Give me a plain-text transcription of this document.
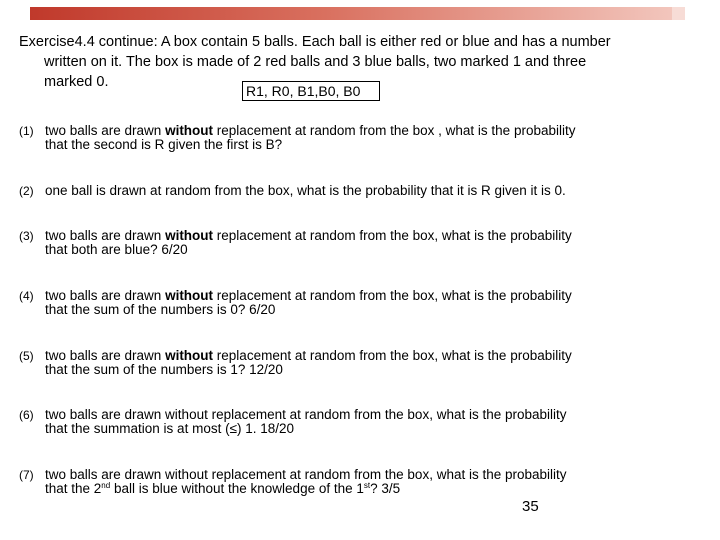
Exercise4.4 continue: A box contain 5 balls. Each ball is either red or blue and has a number
written on it. The box is made of 2 red balls and 3 blue balls, two marked 1 and three
marked 0.
R1, R0, B1,B0, B0
(1) two balls are drawn without replacement at random from the box , what is the probability
that the second is R given the first is B?
(2) one ball is drawn at random from the box, what is the probability that it is R given it is 0.
(3) two balls are drawn without replacement at random from the box, what is the probability
that both are blue? 6/20
(4) two balls are drawn without replacement at random from the box, what is the probability
that the sum of the numbers is 0? 6/20
(5) two balls are drawn without replacement at random from the box, what is the probability
that the sum of the numbers is 1? 12/20
(6) two balls are drawn without replacement at random from the box, what is the probability
that the summation is at most (≤) 1. 18/20
(7) two balls are drawn without replacement at random from the box, what is the probability
that the 2nd ball is blue without the knowledge of the 1st? 3/5
35
